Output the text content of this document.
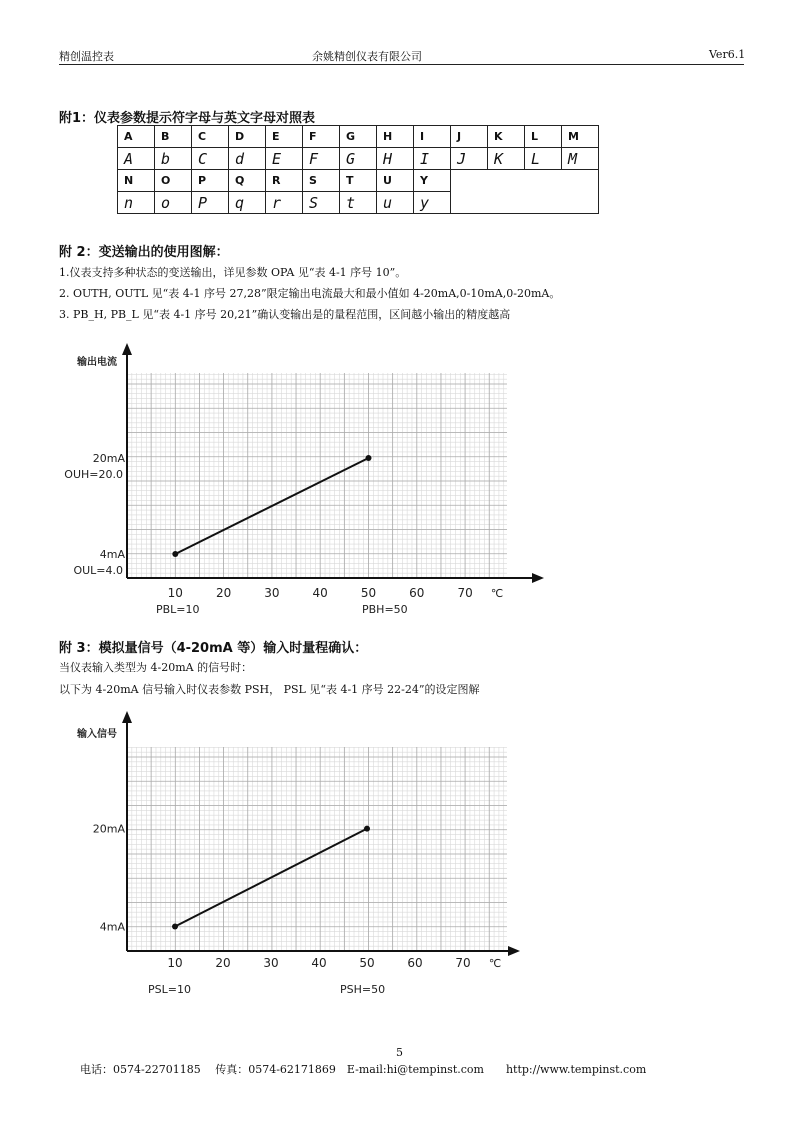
精创温控表	余姚精创仪表有限公司	Ver6.1
附1：仪表参数提示符字母与英文字母对照表
A	B	C	D	E	F	G	H	I	J	K	L	M
A	b	C	d	E	F	G	H	I	J	K	L	M
N	O	P	Q	R	S	T	U	Y				
n	o	P	q	r	S	t	u	y				
附 2：变送输出的使用图解：
1.仪表支持多种状态的变送输出，详见参数 OPA 见“表 4-1 序号 10”。
2. OUTH, OUTL 见“表 4-1 序号 27,28”限定输出电流最大和最小值如 4-20mA,0-10mA,0-20mA。
3. PB_H, PB_L 见“表 4-1 序号 20,21”确认变输出是的量程范围，区间越小输出的精度越高
输出电流
10	20	30	40	50	60	70 ℃
20mA
OUH=20.0
4mA
OUL=4.0
PBL=10	PBH=50
附 3：模拟量信号（4-20mA 等）输入时量程确认：
当仪表输入类型为 4-20mA 的信号时：
以下为 4-20mA 信号输入时仪表参数 PSH， PSL 见“表 4-1 序号 22-24”的设定图解
输入信号
10	20	30	40	50	60	70 ℃
20mA
4mA
PSL=10	PSH=50
5
电话：0574-22701185　 传真：0574-62171869　E-mail:hi@tempinst.com　　http://www.tempinst.com
